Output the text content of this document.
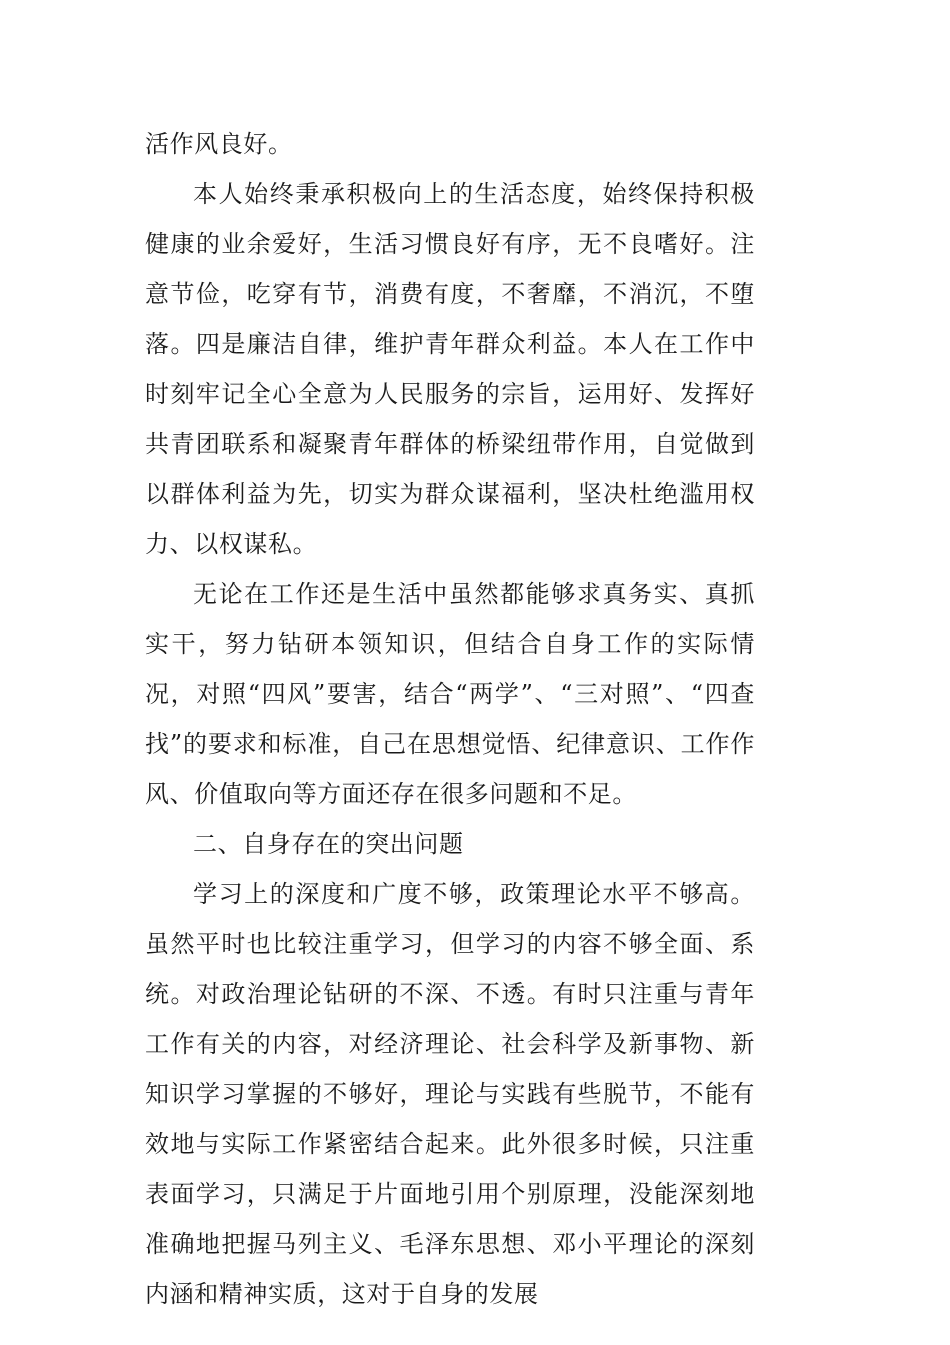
活作风良好。

本人始终秉承积极向上的生活态度，始终保持积极健康的业余爱好，生活习惯良好有序，无不良嗜好。注意节俭，吃穿有节，消费有度，不奢靡，不消沉，不堕落。四是廉洁自律，维护青年群众利益。本人在工作中时刻牢记全心全意为人民服务的宗旨，运用好、发挥好共青团联系和凝聚青年群体的桥梁纽带作用，自觉做到以群体利益为先，切实为群众谋福利，坚决杜绝滥用权力、以权谋私。

无论在工作还是生活中虽然都能够求真务实、真抓实干，努力钻研本领知识，但结合自身工作的实际情况，对照“四风”要害，结合“两学”、“三对照”、“四查找”的要求和标准，自己在思想觉悟、纪律意识、工作作风、价值取向等方面还存在很多问题和不足。

二、自身存在的突出问题

学习上的深度和广度不够，政策理论水平不够高。虽然平时也比较注重学习，但学习的内容不够全面、系统。对政治理论钻研的不深、不透。有时只注重与青年工作有关的内容，对经济理论、社会科学及新事物、新知识学习掌握的不够好，理论与实践有些脱节，不能有效地与实际工作紧密结合起来。此外很多时候，只注重表面学习，只满足于片面地引用个别原理，没能深刻地准确地把握马列主义、毛泽东思想、邓小平理论的深刻内涵和精神实质，这对于自身的发展
